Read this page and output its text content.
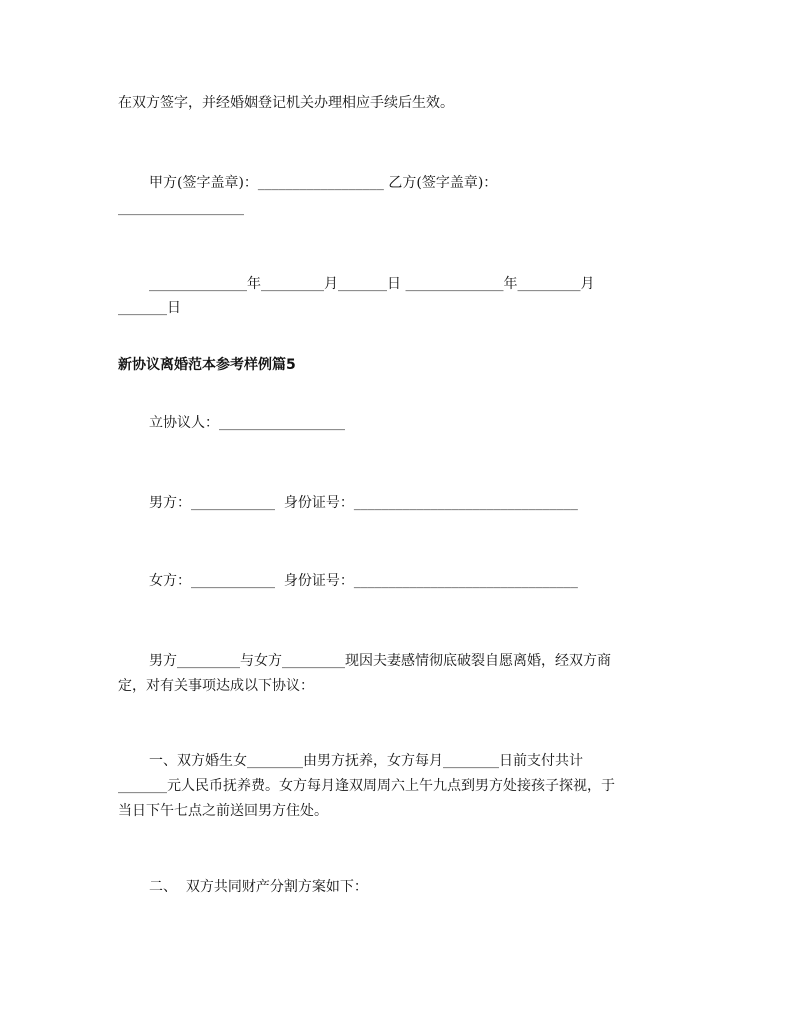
在双方签字，并经婚姻登记机关办理相应手续后生效。

甲方(签字盖章)：__________________ 乙方(签字盖章)：

__________________

______________年_________月_______日 ______________年_________月

_______日

新协议离婚范本参考样例篇5

立协议人：__________________

男方：____________  身份证号：________________________________

女方：____________  身份证号：________________________________

男方_________与女方_________现因夫妻感情彻底破裂自愿离婚，经双方商

定，对有关事项达成以下协议：

一、双方婚生女________由男方抚养，女方每月________日前支付共计

_______元人民币抚养费。女方每月逢双周周六上午九点到男方处接孩子探视，于

当日下午七点之前送回男方住处。

二、  双方共同财产分割方案如下：
